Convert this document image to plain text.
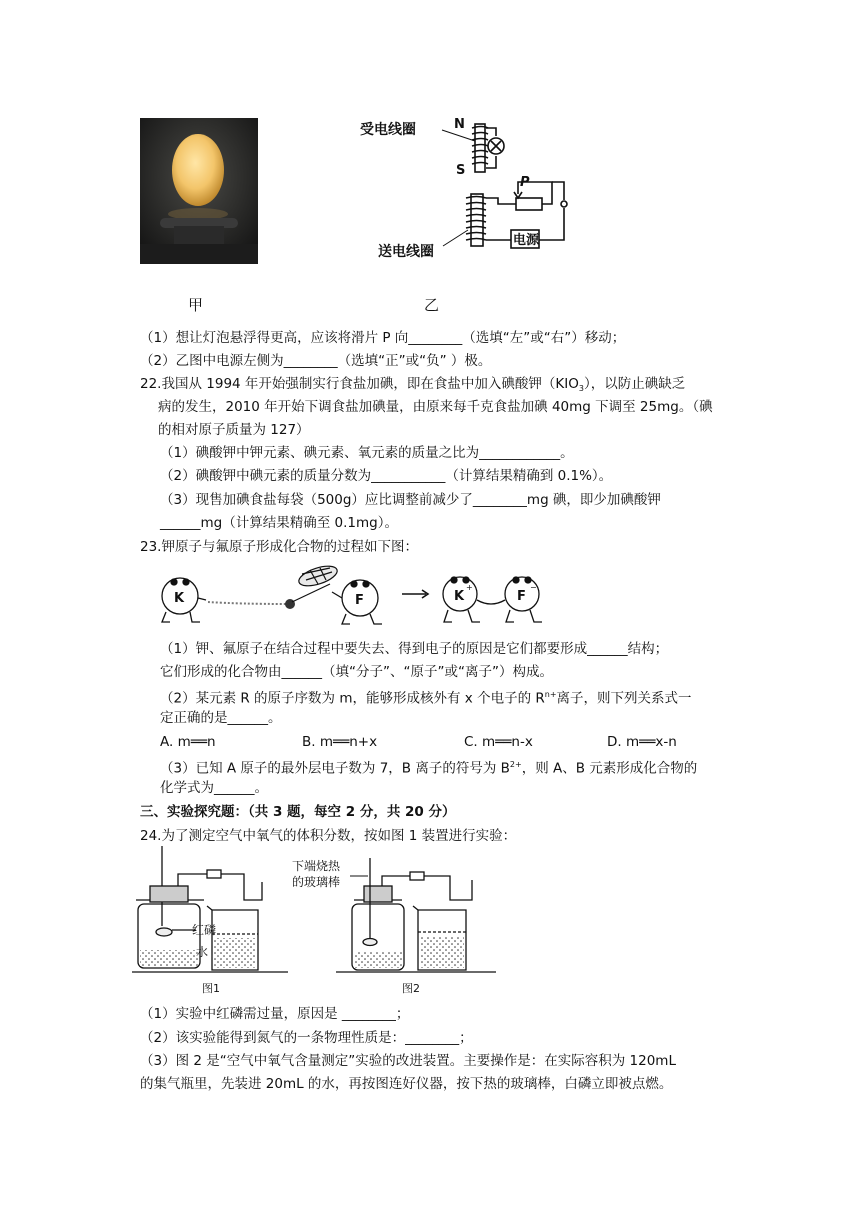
甲
受电线圈	N
S
P
电源
送电线圈
乙
（1）想让灯泡悬浮得更高，应该将滑片 P 向________（选填“左”或“右”）移动；
（2）乙图中电源左侧为________（选填“正”或“负” ）极。
22.我国从 1994 年开始强制实行食盐加碘，即在食盐中加入碘酸钾$(KIO_3)$，以防止碘缺乏
病的发生，2010 年开始下调食盐加碘量，由原来每千克食盐加碘 40mg 下调至 25mg。（碘
的相对原子质量为 127）
（1）碘酸钾中钾元素、碘元素、氧元素的质量之比为____________。
（2）碘酸钾中碘元素的质量分数为___________（计算结果精确到 0.1%）。
（3）现售加碘食盐每袋（500g）应比调整前减少了________mg 碘，即少加碘酸钾
______mg（计算结果精确至 0.1mg）。
23.钾原子与氟原子形成化合物的过程如下图：
K	F	K
+
F
−
（1）钾、氟原子在结合过程中要失去、得到电子的原因是它们都要形成______结构；
它们形成的化合物由______（填“分子”、“原子”或“离子”）构成。
（2）某元素 R 的原子序数为 m，能够形成核外有 x 个电子的 $R^{n+}$离子，则下列关系式一
定正确的是______。
A. m══n	B. m══n+x	C. m══n-x	D. m══x-n
（3）已知 A 原子的最外层电子数为 7，B 离子的符号为 $B^{2+}$，则 A、B 元素形成化合物的
化学式为______。
三、实验探究题：（共 3 题，每空 2 分，共 20 分）
24.为了测定空气中氧气的体积分数，按如图 1 装置进行实验：
红磷
水
图1
下端烧热
的玻璃棒
图2
（1）实验中红磷需过量，原因是 ________；
（2）该实验能得到氮气的一条物理性质是：________；
（3）图 2 是“空气中氧气含量测定”实验的改进装置。主要操作是：在实际容积为 120mL
的集气瓶里，先装进 20mL 的水，再按图连好仪器，按下热的玻璃棒，白磷立即被点燃。
